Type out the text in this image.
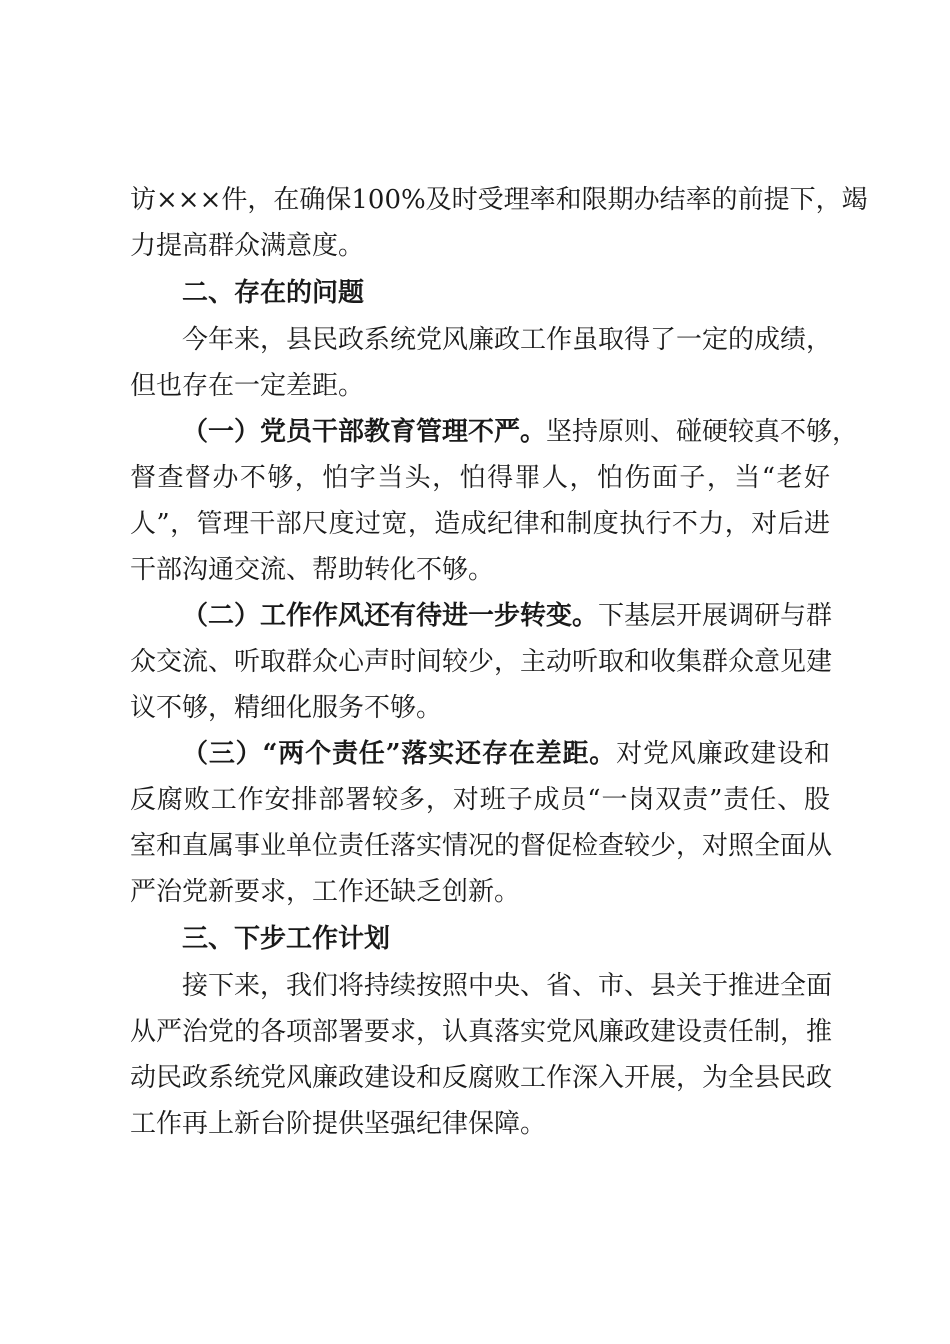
访×××件，在确保100%及时受理率和限期办结率的前提下，竭
力提高群众满意度。
二、存在的问题
今年来，县民政系统党风廉政工作虽取得了一定的成绩，
但也存在一定差距。
（一）党员干部教育管理不严。坚持原则、碰硬较真不够，
督查督办不够，怕字当头，怕得罪人，怕伤面子，当“老好
人”，管理干部尺度过宽，造成纪律和制度执行不力，对后进
干部沟通交流、帮助转化不够。
（二）工作作风还有待进一步转变。下基层开展调研与群
众交流、听取群众心声时间较少，主动听取和收集群众意见建
议不够，精细化服务不够。
（三）“两个责任”落实还存在差距。对党风廉政建设和
反腐败工作安排部署较多，对班子成员“一岗双责”责任、股
室和直属事业单位责任落实情况的督促检查较少，对照全面从
严治党新要求，工作还缺乏创新。
三、下步工作计划
接下来，我们将持续按照中央、省、市、县关于推进全面
从严治党的各项部署要求，认真落实党风廉政建设责任制，推
动民政系统党风廉政建设和反腐败工作深入开展，为全县民政
工作再上新台阶提供坚强纪律保障。
